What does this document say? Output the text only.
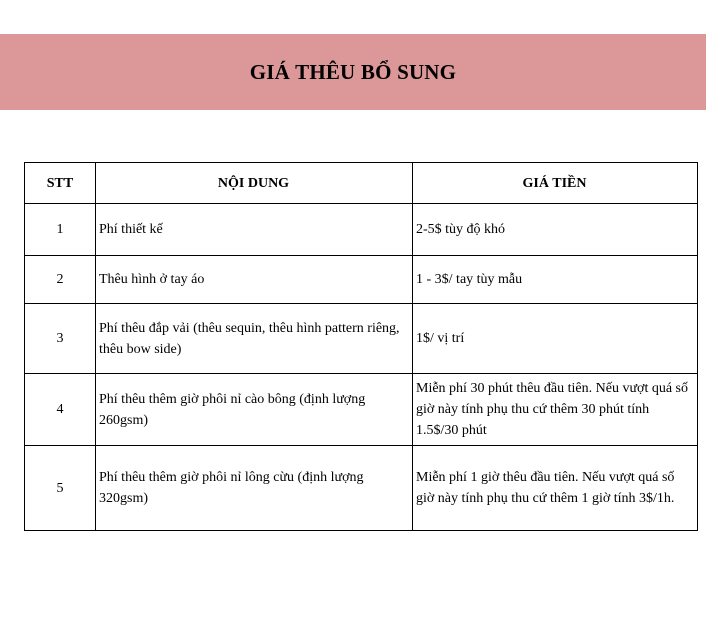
GIÁ THÊU BỔ SUNG
STT	NỘI DUNG	GIÁ TIỀN
1	Phí thiết kế	2-5$ tùy độ khó
2	Thêu hình ở tay áo	1 - 3$/ tay tùy mẫu
3	Phí thêu đắp vải (thêu sequin, thêu hình pattern riêng, thêu bow side)	1$/ vị trí
4	Phí thêu thêm giờ phôi nỉ cào bông (định lượng 260gsm)	Miễn phí 30 phút thêu đầu tiên. Nếu vượt quá số giờ này tính phụ thu cứ thêm 30 phút tính 1.5$/30 phút
5	Phí thêu thêm giờ phôi nỉ lông cừu (định lượng 320gsm)	Miễn phí 1 giờ thêu đầu tiên. Nếu vượt quá số giờ này tính phụ thu cứ thêm 1 giờ tính 3$/1h.
